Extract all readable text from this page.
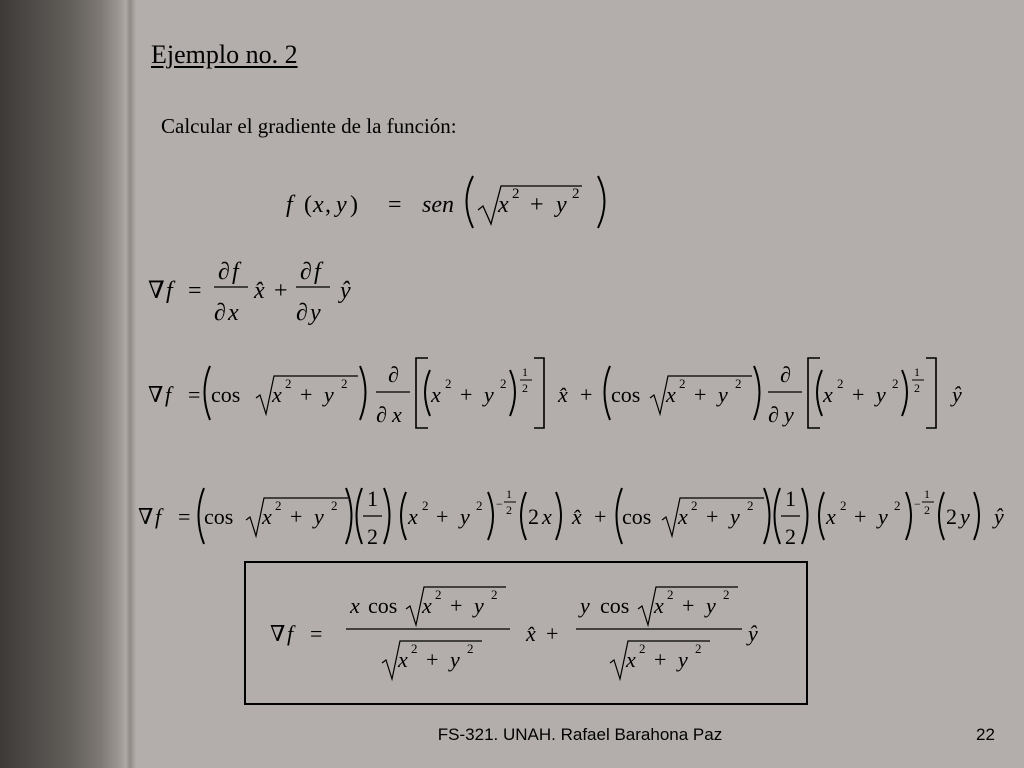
Ejemplo no. 2
Calcular el gradiente de la función:
f ( x , y ) = sen x 2 + y 2
∇ f =
∂ f
∂ x
x̂ +
∂ f
∂ y
ŷ
∇ f = cos x 2 + y 2 ∂
∂ x
x 2 + y 2
1
2 x̂ + cos x 2 + y 2 ∂
∂ y
x 2 + y 2
1
2 ŷ
∇ f = cos x 2 + y 2 1
2
x 2 + y 2 −
1
2 2 x x̂ + cos x 2 + y 2 1
2
x 2 + y 2 −
1
2 2 y ŷ
∇ f =
x cos x 2 + y 2
x 2 + y 2
x̂ +
y cos x 2 + y 2
x 2 + y 2
ŷ
FS-321. UNAH. Rafael Barahona Paz	22
